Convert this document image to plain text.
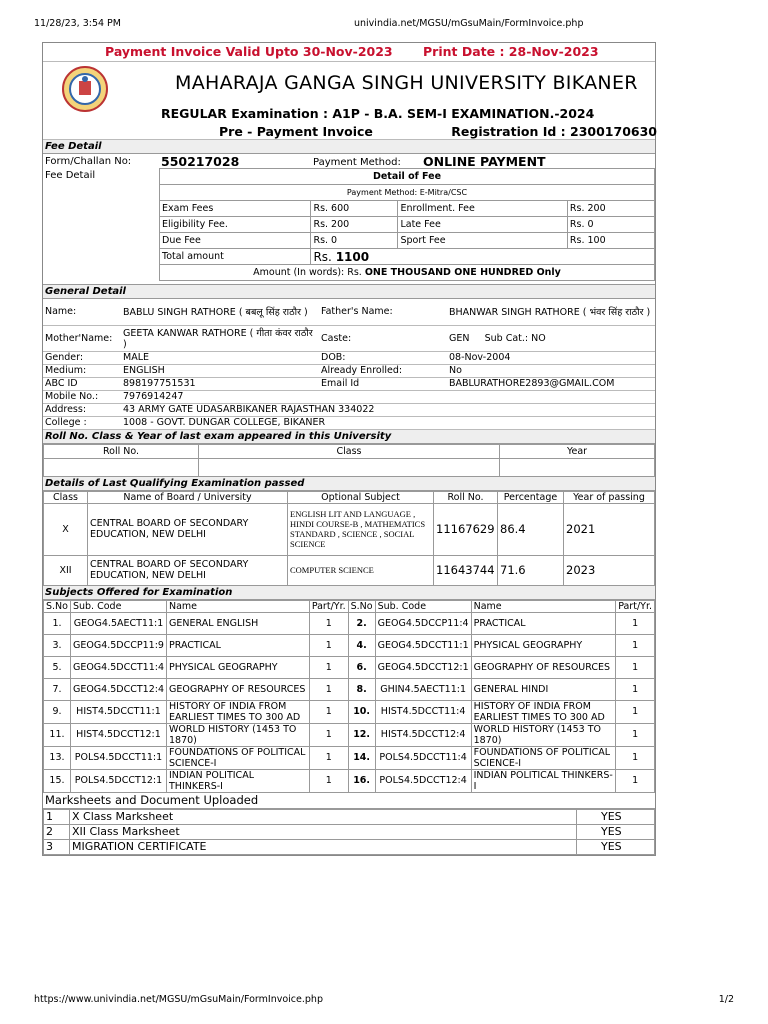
11/28/23, 3:54 PM	univindia.net/MGSU/mGsuMain/FormInvoice.php
Payment Invoice Valid Upto 30-Nov-2023 Print Date : 28-Nov-2023
MAHARAJA GANGA SINGH UNIVERSITY BIKANER
REGULAR Examination : A1P - B.A. SEM-I EXAMINATION.-2024
Pre - Payment Invoice	Registration Id : 2300170630
Fee Detail
Form/Challan No:
Fee Detail
550217028	Payment Method: ONLINE PAYMENT
Detail of Fee			
Payment Method: E-Mitra/CSC			
Exam Fees	Rs. 600	Enrollment. Fee	Rs. 200
Eligibility Fee.	Rs. 200	Late Fee	Rs. 0
Due Fee	Rs. 0	Sport Fee	Rs. 100
Total amount	Rs. 1100		
Amount (In words): Rs. ONE THOUSAND ONE HUNDRED Only			
General Detail
Name:	BABLU SINGH RATHORE ( बबलू सिंह राठौर )	Father's Name:	BHANWAR SINGH RATHORE ( भंवर सिंह राठौर )
Mother'Name:	GEETA KANWAR RATHORE ( गीता कंवर राठौर )	Caste:	GEN Sub Cat.: NO
Gender:	MALE	DOB:	08-Nov-2004
Medium:	ENGLISH	Already Enrolled:	No
ABC ID	898197751531	Email Id	BABLURATHORE2893@GMAIL.COM
Mobile No.:	7976914247		
Address:	43 ARMY GATE UDASARBIKANER RAJASTHAN 334022		
College :	1008 - GOVT. DUNGAR COLLEGE, BIKANER		
Roll No. Class & Year of last exam appeared in this University
Roll No.	Class	Year

Details of Last Qualifying Examination passed
Class	Name of Board / University	Optional Subject	Roll No.	Percentage	Year of passing
X	CENTRAL BOARD OF SECONDARY EDUCATION, NEW DELHI	ENGLISH LIT AND LANGUAGE , HINDI COURSE-B , MATHEMATICS STANDARD , SCIENCE , SOCIAL SCIENCE	11167629	86.4	2021
XII	CENTRAL BOARD OF SECONDARY EDUCATION, NEW DELHI	COMPUTER SCIENCE	11643744	71.6	2023
Subjects Offered for Examination
S.No	Sub. Code	Name	Part/Yr.	S.No	Sub. Code	Name	Part/Yr.
1.	GEOG4.5AECT11:1	GENERAL ENGLISH	1	2.	GEOG4.5DCCP11:4	PRACTICAL	1
3.	GEOG4.5DCCP11:9	PRACTICAL	1	4.	GEOG4.5DCCT11:1	PHYSICAL GEOGRAPHY	1
5.	GEOG4.5DCCT11:4	PHYSICAL GEOGRAPHY	1	6.	GEOG4.5DCCT12:1	GEOGRAPHY OF RESOURCES	1
7.	GEOG4.5DCCT12:4	GEOGRAPHY OF RESOURCES	1	8.	GHIN4.5AECT11:1	GENERAL HINDI	1
9.	HIST4.5DCCT11:1	HISTORY OF INDIA FROM EARLIEST TIMES TO 300 AD	1	10.	HIST4.5DCCT11:4	HISTORY OF INDIA FROM EARLIEST TIMES TO 300 AD	1
11.	HIST4.5DCCT12:1	WORLD HISTORY (1453 TO 1870)	1	12.	HIST4.5DCCT12:4	WORLD HISTORY (1453 TO 1870)	1
13.	POLS4.5DCCT11:1	FOUNDATIONS OF POLITICAL SCIENCE-I	1	14.	POLS4.5DCCT11:4	FOUNDATIONS OF POLITICAL SCIENCE-I	1
15.	POLS4.5DCCT12:1	INDIAN POLITICAL THINKERS-I	1	16.	POLS4.5DCCT12:4	INDIAN POLITICAL THINKERS-I	1
Marksheets and Document Uploaded
1	X Class Marksheet	YES
2	XII Class Marksheet	YES
3	MIGRATION CERTIFICATE	YES
https://www.univindia.net/MGSU/mGsuMain/FormInvoice.php	1/2
